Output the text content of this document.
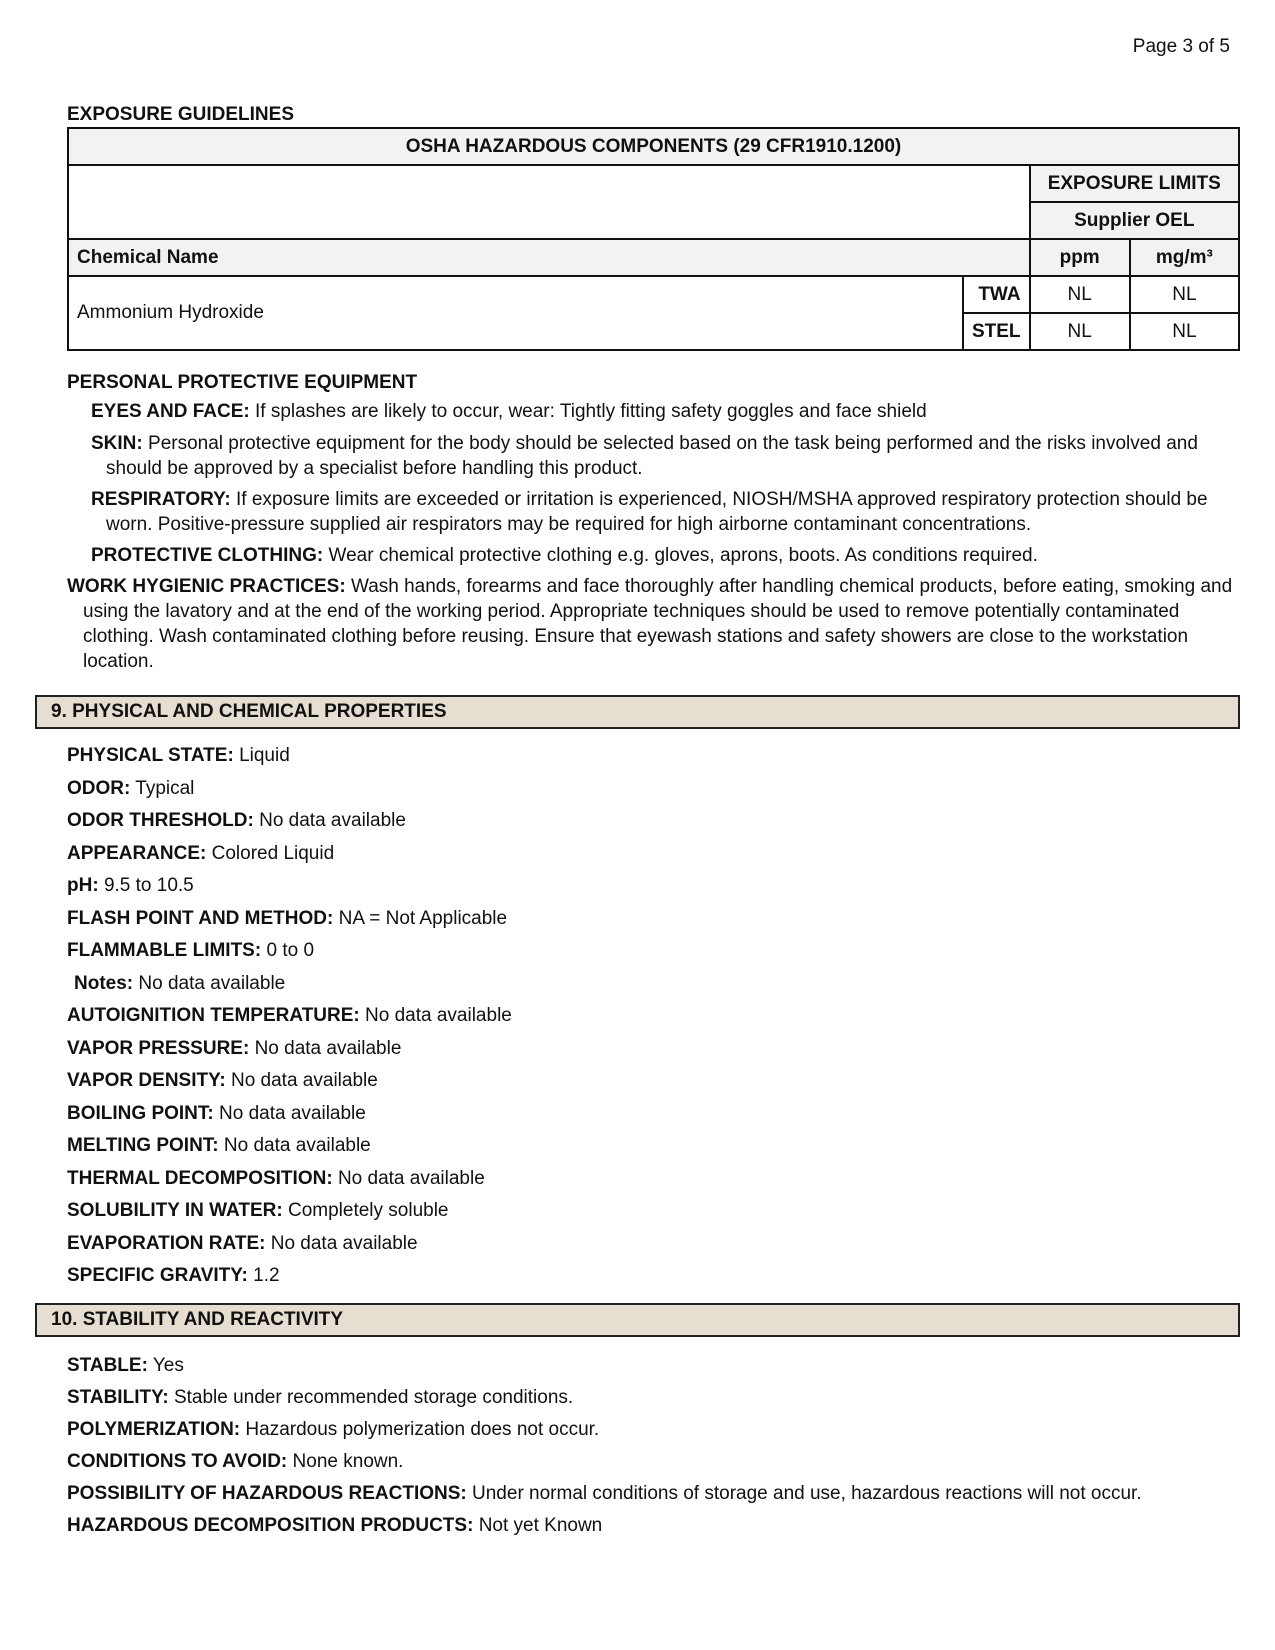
Page 3 of 5
EXPOSURE GUIDELINES
OSHA HAZARDOUS COMPONENTS (29 CFR1910.1200)			
		EXPOSURE LIMITS	
		Supplier OEL	
Chemical Name		ppm	mg/m³
Ammonium Hydroxide	TWA	NL	NL
	STEL	NL	NL
PERSONAL PROTECTIVE EQUIPMENT
EYES AND FACE: If splashes are likely to occur, wear: Tightly fitting safety goggles and face shield
SKIN: Personal protective equipment for the body should be selected based on the task being performed and the risks involved and should be approved by a specialist before handling this product.
RESPIRATORY: If exposure limits are exceeded or irritation is experienced, NIOSH/MSHA approved respiratory protection should be worn. Positive-pressure supplied air respirators may be required for high airborne contaminant concentrations.
PROTECTIVE CLOTHING: Wear chemical protective clothing e.g. gloves, aprons, boots. As conditions required.
WORK HYGIENIC PRACTICES: Wash hands, forearms and face thoroughly after handling chemical products, before eating, smoking and using the lavatory and at the end of the working period. Appropriate techniques should be used to remove potentially contaminated clothing. Wash contaminated clothing before reusing. Ensure that eyewash stations and safety showers are close to the workstation location.
9. PHYSICAL AND CHEMICAL PROPERTIES
PHYSICAL STATE: Liquid
ODOR: Typical
ODOR THRESHOLD: No data available
APPEARANCE: Colored Liquid
pH: 9.5 to 10.5
FLASH POINT AND METHOD: NA = Not Applicable
FLAMMABLE LIMITS: 0 to 0
Notes: No data available
AUTOIGNITION TEMPERATURE: No data available
VAPOR PRESSURE: No data available
VAPOR DENSITY: No data available
BOILING POINT: No data available
MELTING POINT: No data available
THERMAL DECOMPOSITION: No data available
SOLUBILITY IN WATER: Completely soluble
EVAPORATION RATE: No data available
SPECIFIC GRAVITY: 1.2
10. STABILITY AND REACTIVITY
STABLE: Yes
STABILITY: Stable under recommended storage conditions.
POLYMERIZATION: Hazardous polymerization does not occur.
CONDITIONS TO AVOID: None known.
POSSIBILITY OF HAZARDOUS REACTIONS: Under normal conditions of storage and use, hazardous reactions will not occur.
HAZARDOUS DECOMPOSITION PRODUCTS: Not yet Known
